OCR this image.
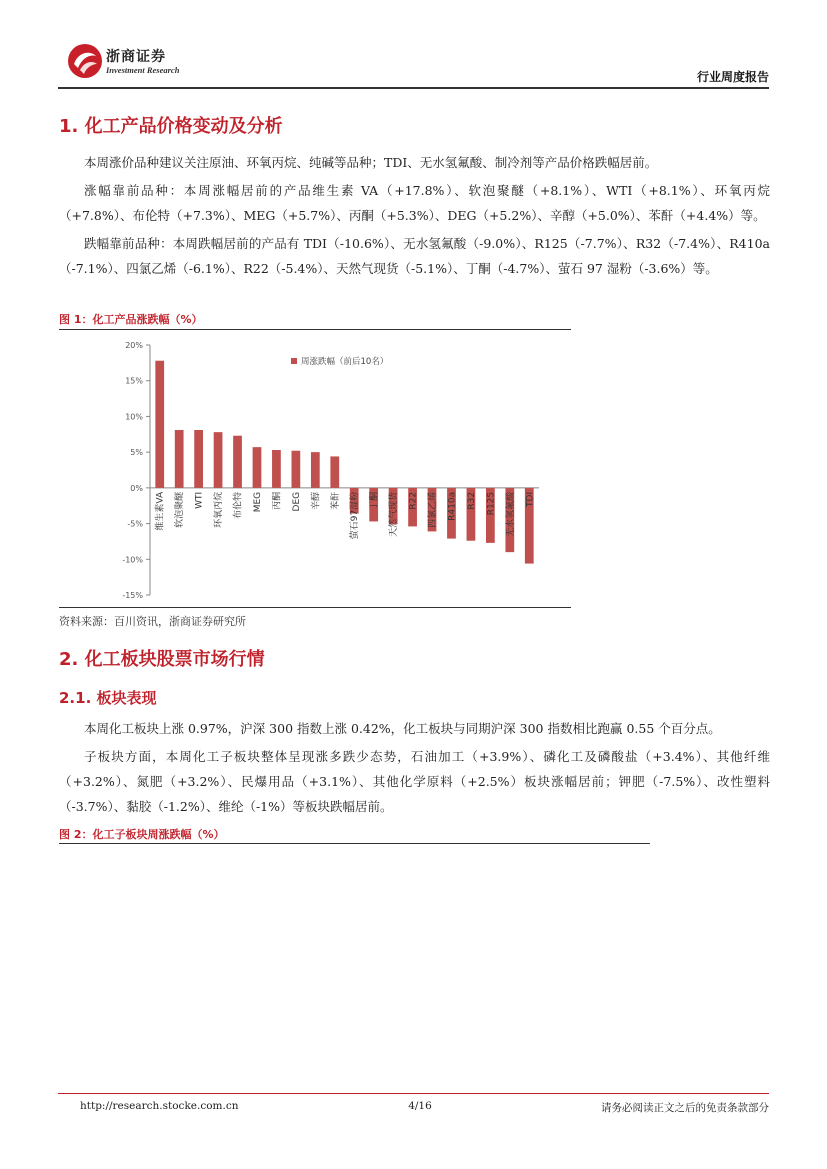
浙商证券
Investment Research	行业周度报告
1. 化工产品价格变动及分析

本周涨价品种建议关注原油、环氧丙烷、纯碱等品种；TDI、无水氢氟酸、制冷剂等产品价格跌幅居前。

涨幅靠前品种：本周涨幅居前的产品维生素 VA（+17.8%）、软泡聚醚（+8.1%）、WTI（+8.1%）、环氧丙烷（+7.8%）、布伦特（+7.3%）、MEG（+5.7%）、丙酮（+5.3%）、DEG（+5.2%）、辛醇（+5.0%）、苯酐（+4.4%）等。

跌幅靠前品种：本周跌幅居前的产品有 TDI（-10.6%）、无水氢氟酸（-9.0%）、R125（-7.7%）、R32（-7.4%）、R410a（-7.1%）、四氯乙烯（-6.1%）、R22（-5.4%）、天然气现货（-5.1%）、丁酮（-4.7%）、萤石 97 湿粉（-3.6%）等。

图 1：化工产品涨跌幅（%）
20%
15%
10%
5%
0%
-5%
-10%
-15%
维生素VA 软泡聚醚 WTI 环氧丙烷 布伦特 MEG 丙酮 DEG 辛醇 苯酐 萤石97湿粉 丁酮 天然气现货 R22 四氯乙烯 R410a R32 R125 无水氢氟酸 TDI
周涨跌幅（前后10名）
资料来源：百川资讯，浙商证券研究所
2. 化工板块股票市场行情
2.1. 板块表现

本周化工板块上涨 0.97%，沪深 300 指数上涨 0.42%，化工板块与同期沪深 300 指数相比跑赢 0.55 个百分点。

子板块方面，本周化工子板块整体呈现涨多跌少态势，石油加工（+3.9%）、磷化工及磷酸盐（+3.4%）、其他纤维（+3.2%）、氮肥（+3.2%）、民爆用品（+3.1%）、其他化学原料（+2.5%）板块涨幅居前；钾肥（-7.5%）、改性塑料（-3.7%）、黏胶（-1.2%）、维纶（-1%）等板块跌幅居前。

图 2：化工子板块周涨跌幅（%）
http://research.stocke.com.cn	4/16	请务必阅读正文之后的免责条款部分
